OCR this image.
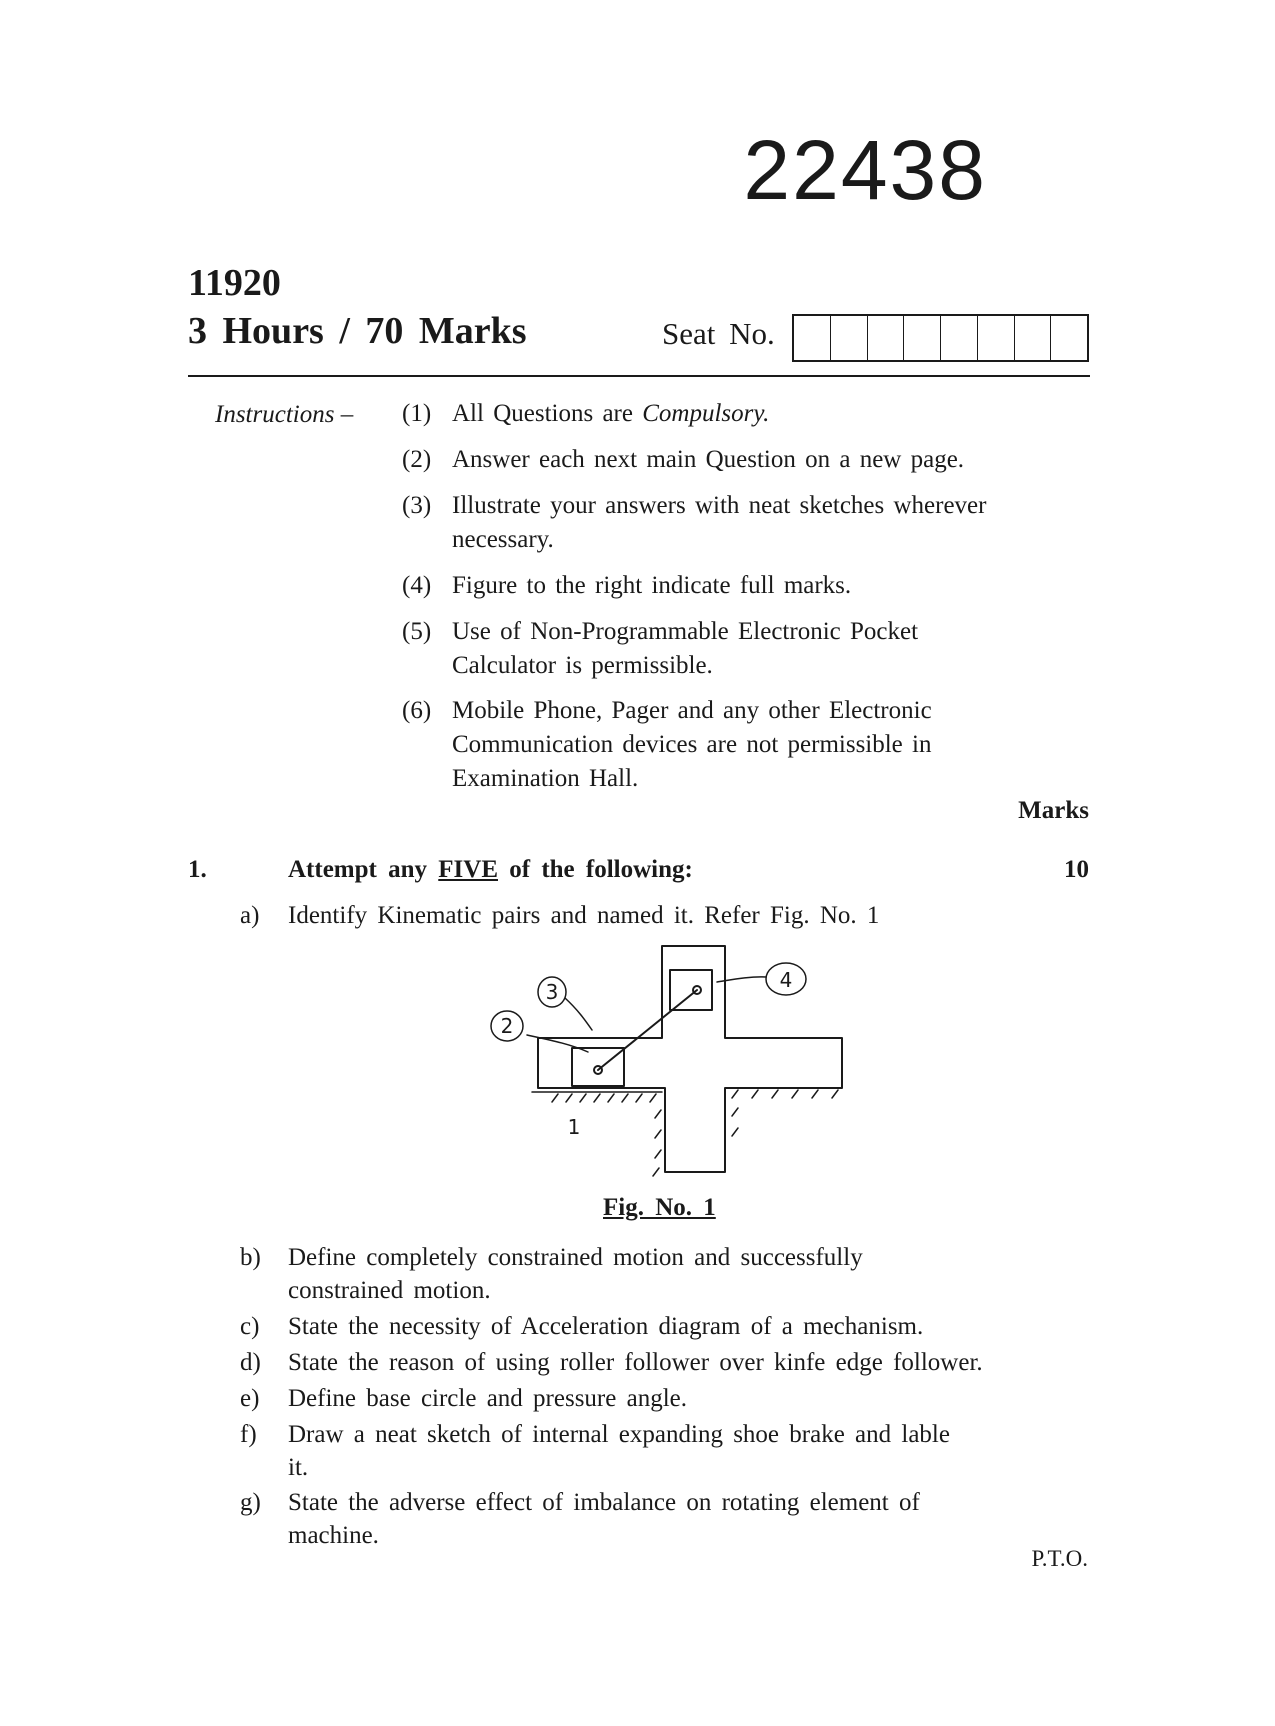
22438
11920
3 Hours / 70 Marks	Seat No.
Instructions – (1) All Questions are Compulsory.
(2) Answer each next main Question on a new page.
(3) Illustrate your answers with neat sketches wherever necessary.
(4) Figure to the right indicate full marks.
(5) Use of Non-Programmable Electronic Pocket Calculator is permissible.
(6) Mobile Phone, Pager and any other Electronic Communication devices are not permissible in Examination Hall.
Marks
1.	Attempt any FIVE of the following:	10
a) Identify Kinematic pairs and named it. Refer Fig. No. 1
2
3	4
1
Fig. No. 1
b) Define completely constrained motion and successfully constrained motion.
c) State the necessity of Acceleration diagram of a mechanism.
d) State the reason of using roller follower over kinfe edge follower.
e) Define base circle and pressure angle.
f) Draw a neat sketch of internal expanding shoe brake and lable it.
g) State the adverse effect of imbalance on rotating element of machine.
P.T.O.
